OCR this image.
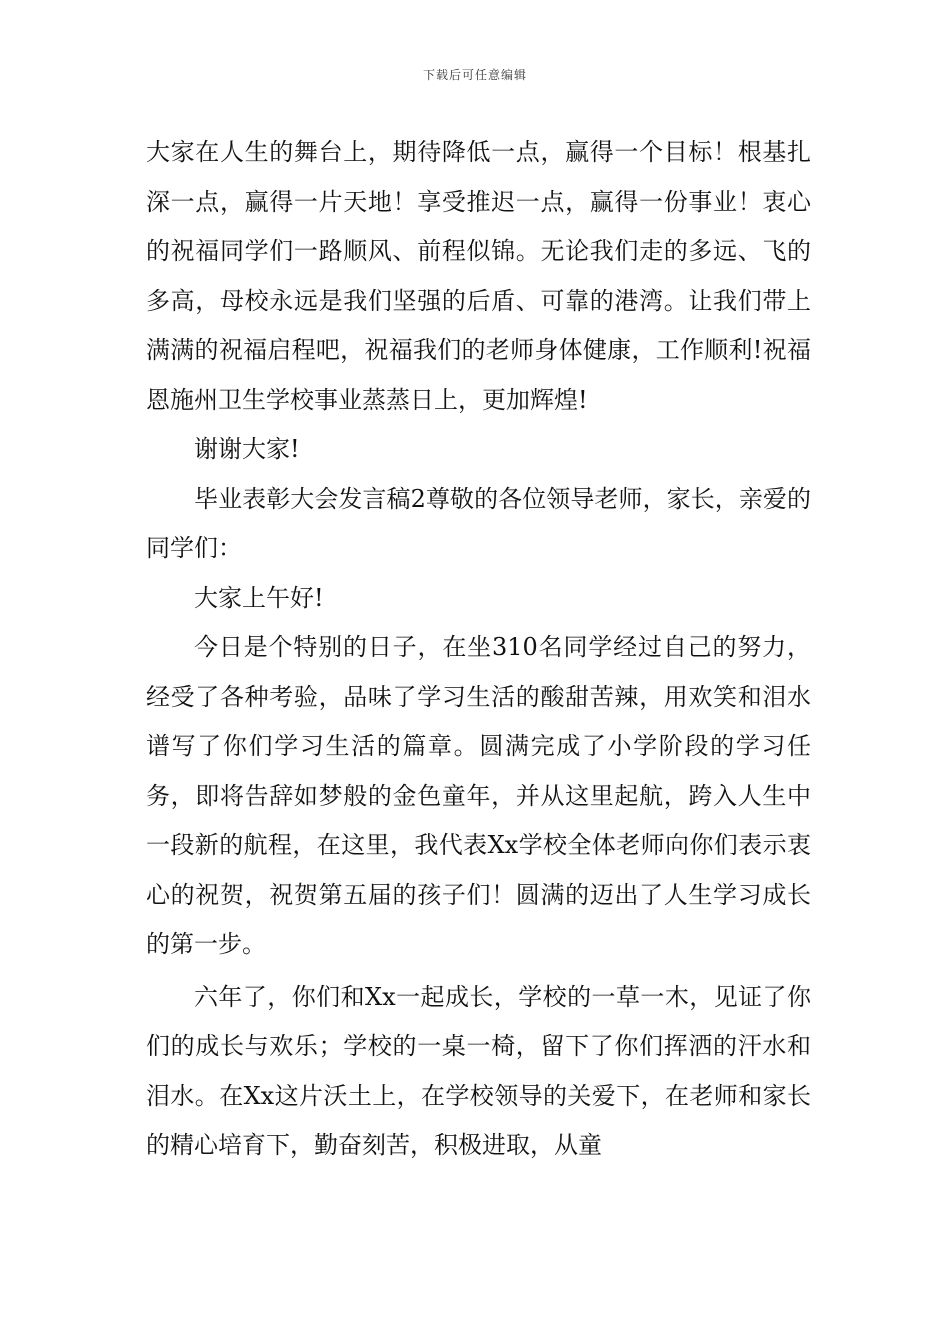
下载后可任意编辑

大家在人生的舞台上，期待降低一点，赢得一个目标！根基扎深一点，赢得一片天地！享受推迟一点，赢得一份事业！衷心的祝福同学们一路顺风、前程似锦。无论我们走的多远、飞的多高，母校永远是我们坚强的后盾、可靠的港湾。让我们带上满满的祝福启程吧，祝福我们的老师身体健康，工作顺利!祝福恩施州卫生学校事业蒸蒸日上，更加辉煌!

谢谢大家!

毕业表彰大会发言稿2尊敬的各位领导老师，家长，亲爱的同学们：

大家上午好!

今日是个特别的日子，在坐310名同学经过自己的努力，经受了各种考验，品味了学习生活的酸甜苦辣，用欢笑和泪水谱写了你们学习生活的篇章。圆满完成了小学阶段的学习任务，即将告辞如梦般的金色童年，并从这里起航，跨入人生中一段新的航程，在这里，我代表Xx学校全体老师向你们表示衷心的祝贺，祝贺第五届的孩子们！圆满的迈出了人生学习成长的第一步。

六年了，你们和Xx一起成长，学校的一草一木，见证了你们的成长与欢乐；学校的一桌一椅，留下了你们挥洒的汗水和泪水。在Xx这片沃土上，在学校领导的关爱下，在老师和家长的精心培育下，勤奋刻苦，积极进取，从童
